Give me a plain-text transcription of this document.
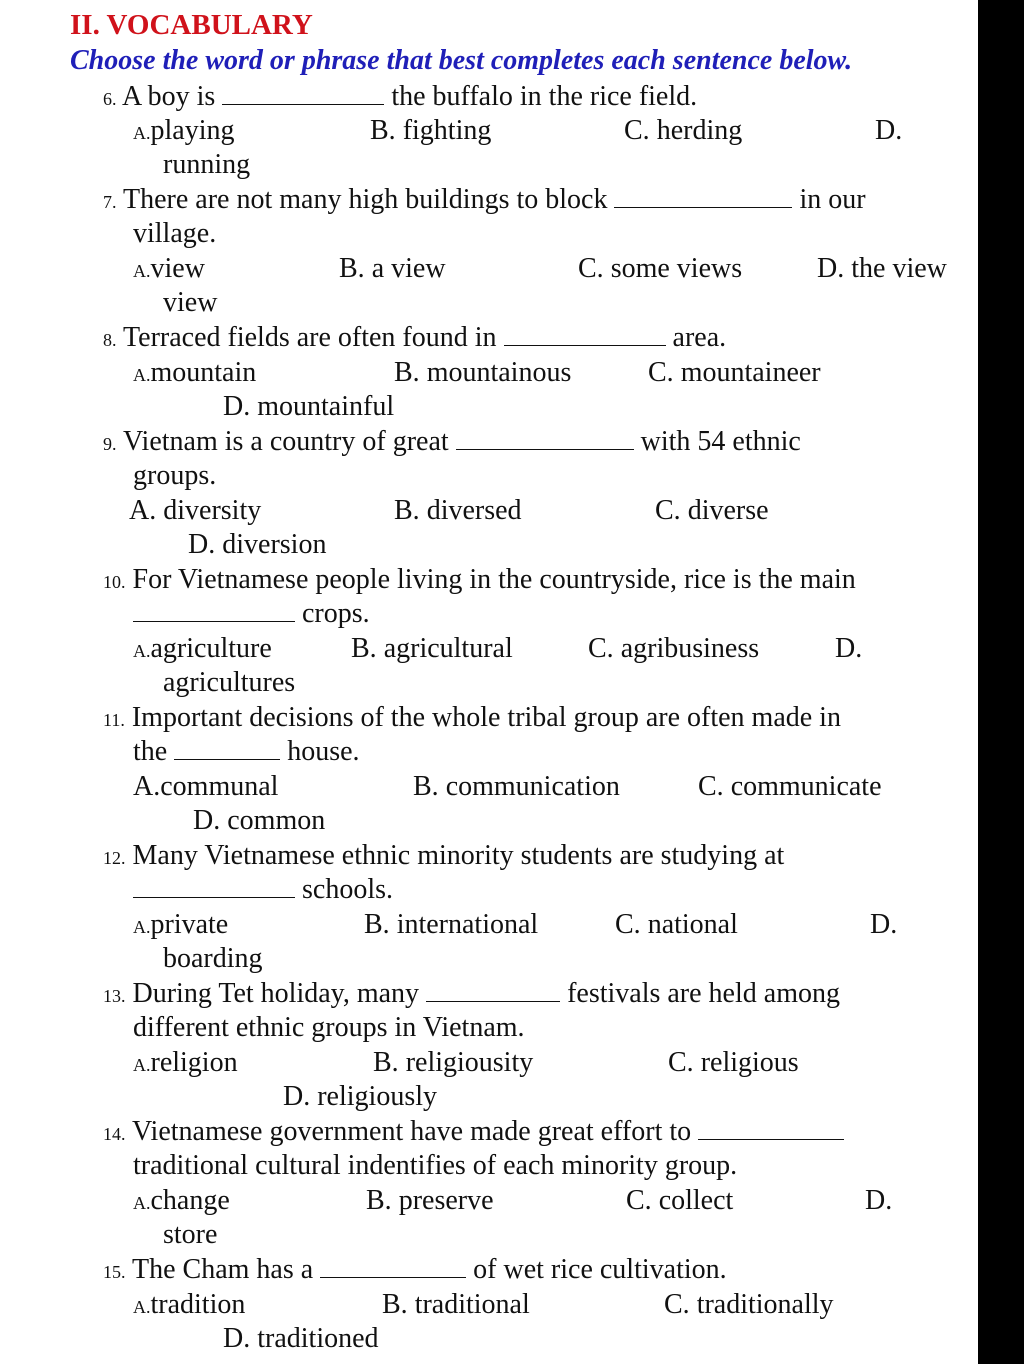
II. VOCABULARY
Choose the word or phrase that best completes each sentence below.
6. A boy is	the buffalo in the rice field.
A.playing	B. fighting	C. herding	D.
running
7. There are not many high buildings to block	in our
village.
A.view	B. a view	C. some views	D. the view
view
8. Terraced fields are often found in	area.
A.mountain	B. mountainous	C. mountaineer
D. mountainful
9. Vietnam is a country of great	with 54 ethnic
groups.
A. diversity	B. diversed	C. diverse
D. diversion
10. For Vietnamese people living in the countryside, rice is the main
crops.
A.agriculture	B. agricultural	C. agribusiness	D.
agricultures
11. Important decisions of the whole tribal group are often made in
the	house.
A.communal	B. communication	C. communicate
D. common
12. Many Vietnamese ethnic minority students are studying at
schools.
A.private	B. international	C. national	D.
boarding
13. During Tet holiday, many	festivals are held among
different ethnic groups in Vietnam.
A.religion	B. religiousity	C. religious
D. religiously
14. Vietnamese government have made great effort to
traditional cultural indentifies of each minority group.
A.change	B. preserve	C. collect	D.
store
15. The Cham has a	of wet rice cultivation.
A.tradition	B. traditional	C. traditionally
D. traditioned
